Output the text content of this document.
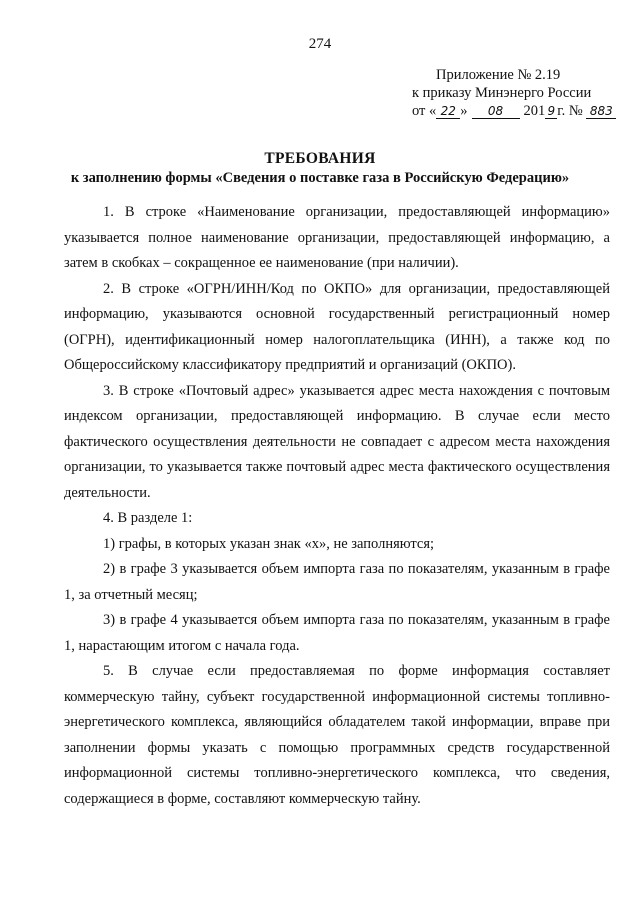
274
Приложение № 2.19
к приказу Минэнерго России
от « 22 » 08 201 9 г. № 883
ТРЕБОВАНИЯ
к заполнению формы «Сведения о поставке газа в Российскую Федерацию»

1. В строке «Наименование организации, предоставляющей информацию» указывается полное наименование организации, предоставляющей информацию, а затем в скобках – сокращенное ее наименование (при наличии).

2. В строке «ОГРН/ИНН/Код по ОКПО» для организации, предоставляющей информацию, указываются основной государственный регистрационный номер (ОГРН), идентификационный номер налогоплательщика (ИНН), а также код по Общероссийскому классификатору предприятий и организаций (ОКПО).

3. В строке «Почтовый адрес» указывается адрес места нахождения с почтовым индексом организации, предоставляющей информацию. В случае если место фактического осуществления деятельности не совпадает с адресом места нахождения организации, то указывается также почтовый адрес места фактического осуществления деятельности.

4. В разделе 1:

1) графы, в которых указан знак «х», не заполняются;

2) в графе 3 указывается объем импорта газа по показателям, указанным в графе 1, за отчетный месяц;

3) в графе 4 указывается объем импорта газа по показателям, указанным в графе 1, нарастающим итогом с начала года.

5. В случае если предоставляемая по форме информация составляет коммерческую тайну, субъект государственной информационной системы топливно-энергетического комплекса, являющийся обладателем такой информации, вправе при заполнении формы указать с помощью программных средств государственной информационной системы топливно-энергетического комплекса, что сведения, содержащиеся в форме, составляют коммерческую тайну.
